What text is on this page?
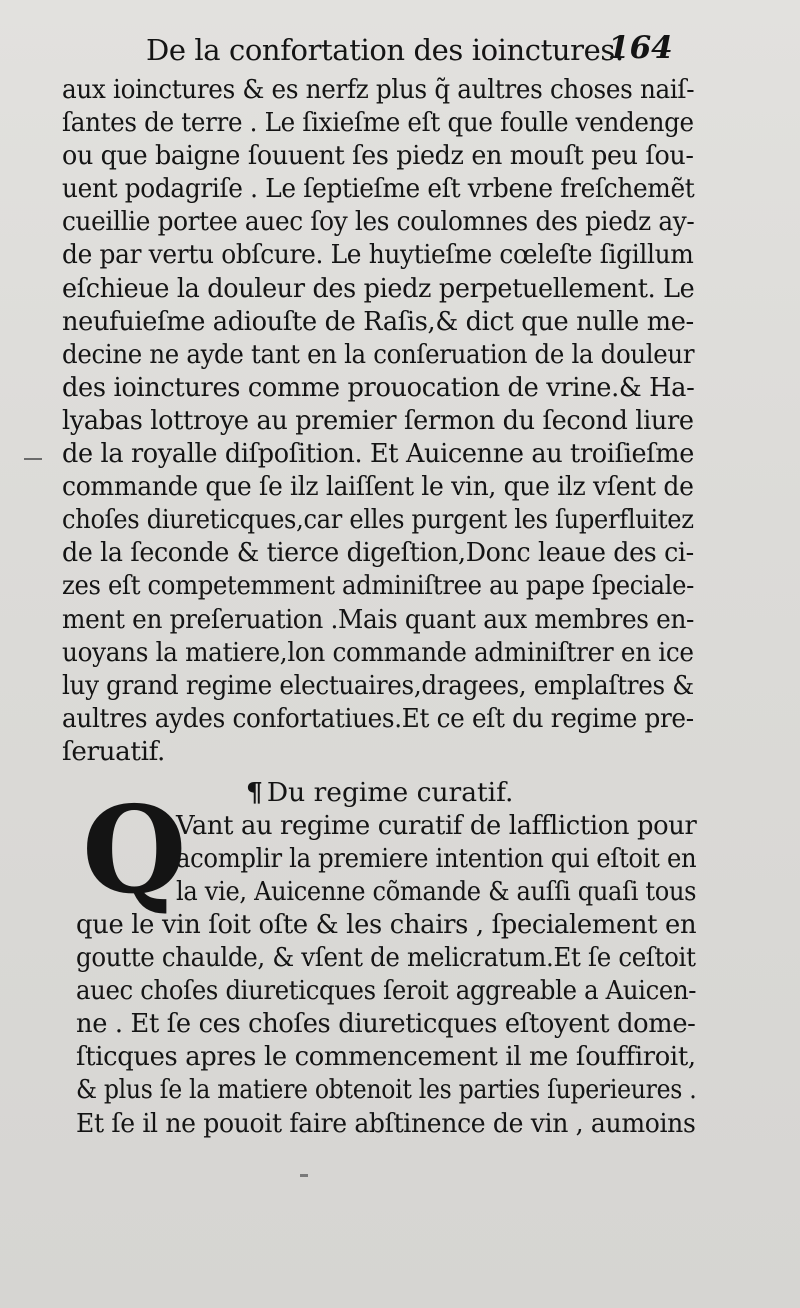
De la confortation des ioinctures.
164
aux ioinctures & es nerfz plus q̃ aultres choses naiſ-
ſantes de terre . Le ſixieſme eſt que foulle vendenge
ou que baigne ſouuent ſes piedz en mouſt peu ſou-
uent podagriſe . Le ſeptieſme eſt vrbene freſchemẽt
cueillie portee auec ſoy les coulomnes des piedz ay-
de par vertu obſcure. Le huytieſme cœleſte ſigillum
eſchieue la douleur des piedz perpetuellement. Le
neufuieſme adiouſte de Raſis,& dict que nulle me-
decine ne ayde tant en la conſeruation de la douleur
des ioinctures comme prouocation de vrine.& Ha-
lyabas lottroye au premier ſermon du ſecond liure
de la royalle diſpoſition. Et Auicenne au troiſieſme
commande que ſe ilz laiſſent le vin, que ilz vſent de
choſes diureticques,car elles purgent les ſuperfluitez
de la ſeconde & tierce digeſtion,Donc leaue des ci-
zes eſt competemment adminiſtree au pape ſpeciale-
ment en preſeruation .Mais quant aux membres en-
uoyans la matiere,lon commande adminiſtrer en ice
luy grand regime electuaires,dragees, emplaſtres &
aultres aydes confortatiues.Et ce eſt du regime pre-
ſeruatif.
¶ Du regime curatif.
Q
Vant au regime curatif de laffliction pour
acomplir la premiere intention qui eſtoit en
la vie, Auicenne cõmande & auſſi quaſi tous
que le vin ſoit oſte & les chairs , ſpecialement en
goutte chaulde, & vſent de melicratum.Et ſe ceſtoit
auec choſes diureticques ſeroit aggreable a Auicen-
ne . Et ſe ces choſes diureticques eſtoyent dome-
ſticques apres le commencement il me ſouffiroit,
& plus ſe la matiere obtenoit les parties ſuperieures .
Et ſe il ne pouoit faire abſtinence de vin , aumoins
